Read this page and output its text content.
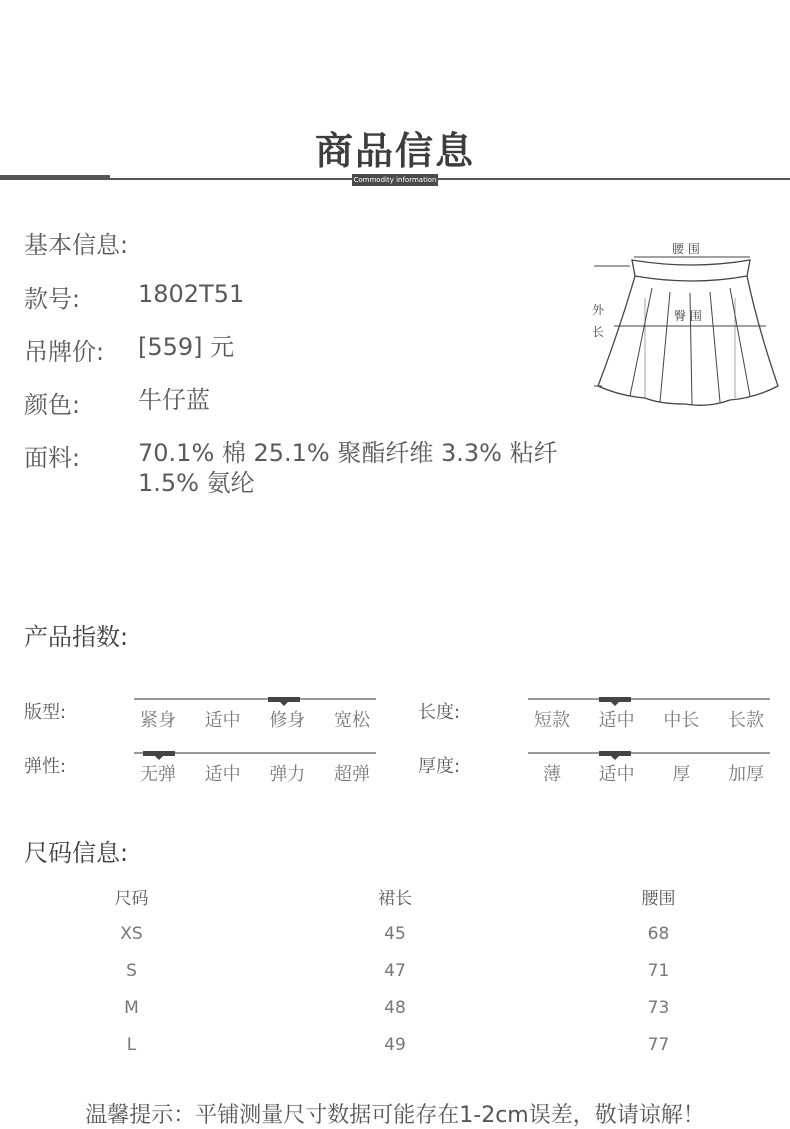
商品信息
Commodity information
基本信息:
款号: 1802T51
吊牌价: [559] 元
颜色: 牛仔蓝
面料: 70.1% 棉 25.1% 聚酯纤维 3.3% 粘纤 1.5% 氨纶
腰 围
臀 围
外
长
产品指数:
版型:	紧身	适中	修身	宽松	长度:	短款	适中	中长	长款
弹性:	无弹	适中	弹力	超弹	厚度:	薄	适中	厚	加厚
尺码信息:
尺码	裙长	腰围
XS	45	68
S	47	71
M	48	73
L	49	77
温馨提示：平铺测量尺寸数据可能存在1-2cm误差，敬请谅解！
